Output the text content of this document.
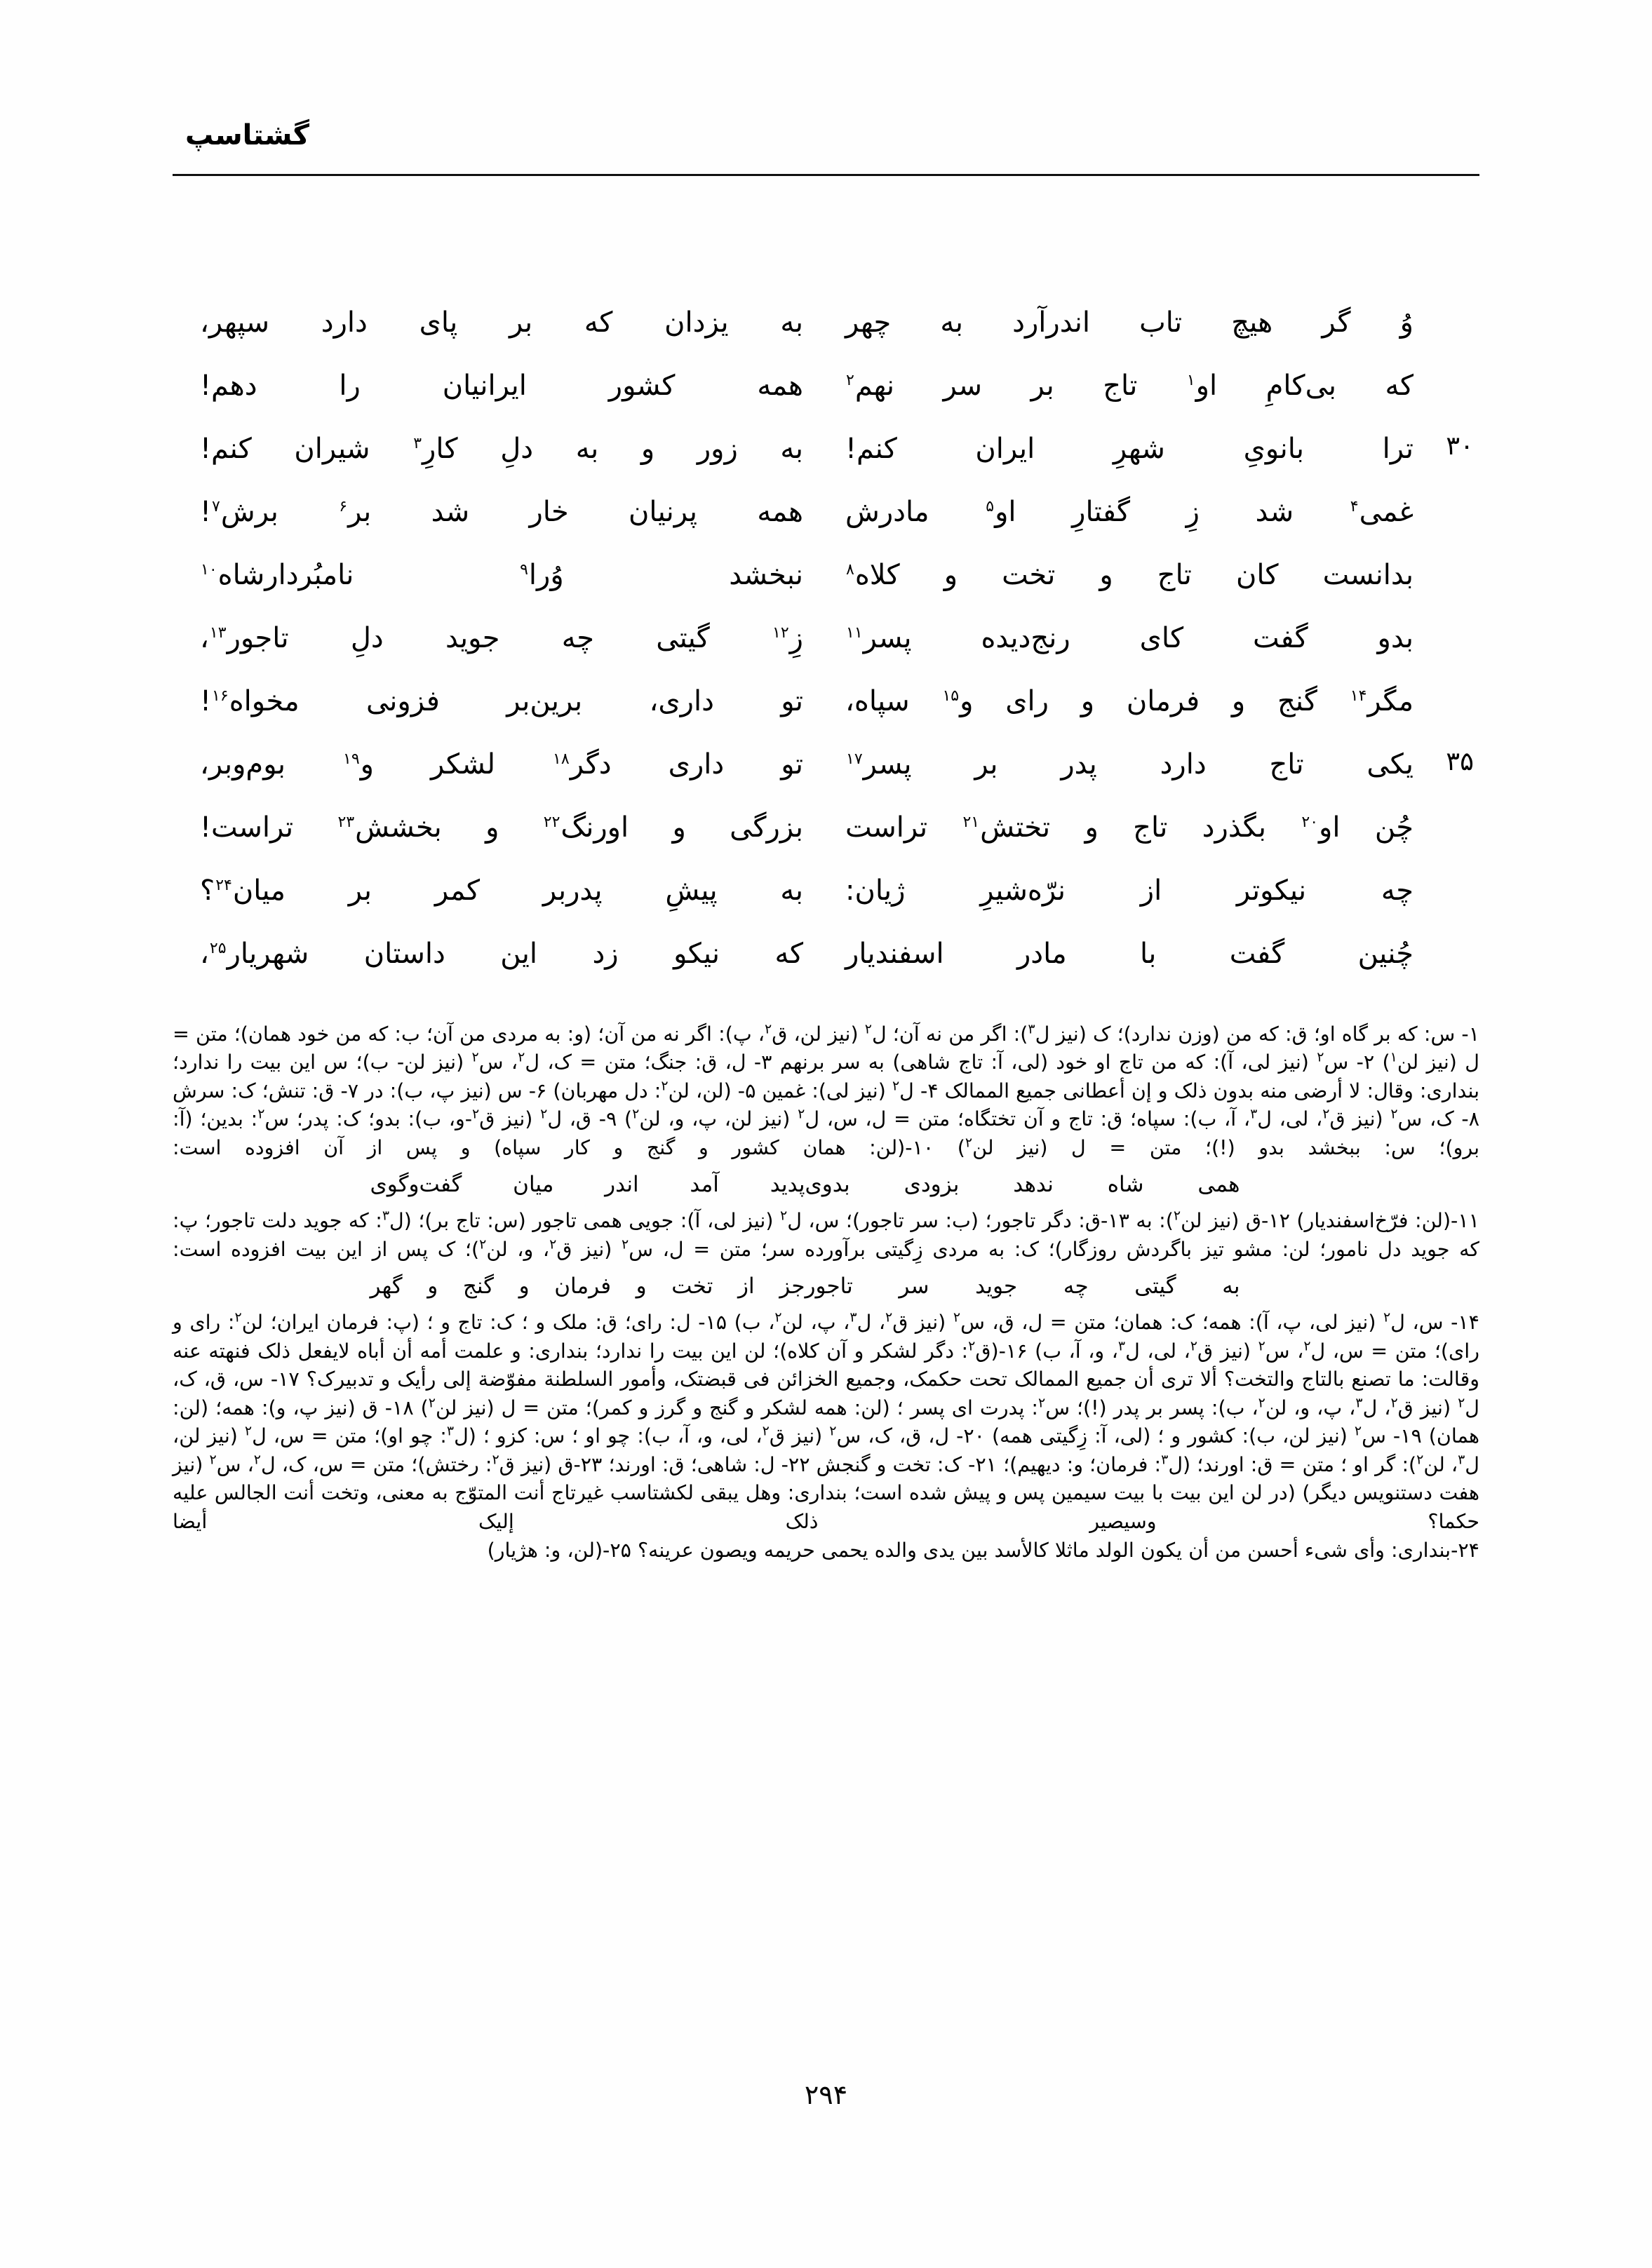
گشتاسپ
وُ گر هیچ تاب اندرآرد به چهر
به یزدان که بر پای دارد سپهر،
که بی‌کامِ او$^۱$ تاج بر سر نهم$^۲$
همه کشور ایرانیان را دهم!
۳۰
ترا بانویِ شهرِ ایران کنم!
به زور و به دلِ کارِ$^۳$ شیران کنم!
غمی$^۴$ شد زِ گفتارِ او$^۵$ مادرش
همه پرنیان خار شد بر$^۶$ برش$^۷$!
بدانست کان تاج و تخت و کلاه$^۸$
نبخشد وُرا$^۹$ نامبُردارشاه$^{۱۰}$
بدو گفت کای رنج‌دیده پسر$^{۱۱}$
زِ$^{۱۲}$ گیتی چه جوید دلِ تاجور$^{۱۳}$،
مگر$^{۱۴}$ گنج و فرمان و رای و$^{۱۵}$ سپاه،
تو داری، برین‌بر فزونی مخواه$^{۱۶}$!
۳۵
یکی تاج دارد پدر بر پسر$^{۱۷}$
تو داری دگر$^{۱۸}$ لشکر و$^{۱۹}$ بوم‌وبر،
چُن او$^{۲۰}$ بگذرد تاج و تختش$^{۲۱}$ تراست
بزرگی و اورنگ$^{۲۲}$ و بخشش$^{۲۳}$ تراست!
چه نیکوتر از نرّه‌شیرِ ژیان:
به پیشِ پدربر کمر بر میان$^{۲۴}$؟
چُنین گفت با مادر اسفندیار
که نیکو زد این داستان شهریار$^{۲۵}$،

۱- س: که بر گاه او؛ ق: که من (وزن ندارد)؛ ک (نیز ل$^۳$): اگر من نه آن؛ ل$^۲$ (نیز لن، ق$^۲$، پ): اگر نه من آن؛ (و: به مردی من آن؛ ب: که من خود همان)؛ متن = ل (نیز لن$^۱$) ۲- س$^۲$ (نیز لی، آ): که من تاج او خود (لی، آ: تاج شاهی) به سر برنهم ۳- ل، ق: جنگ؛ متن = ک، ل$^۲$، س$^۲$ (نیز لن- ب)؛ س این بیت را ندارد؛ بنداری: وقال: لا أرضی منه بدون ذلک و إن أعطانی جمیع الممالک ۴- ل$^۲$ (نیز لی): غمین ۵- (لن، لن$^۲$: دل مهربان) ۶- س (نیز پ، ب): در ۷- ق: تنش؛ ک: سرش ۸- ک، س$^۲$ (نیز ق$^۲$، لی، ل$^۳$، آ، ب): سپاه؛ ق: تاج و آن تختگاه؛ متن = ل، س، ل$^۲$ (نیز لن، پ، و، لن$^۲$) ۹- ق، ل$^۲$ (نیز ق$^۲$-و، ب): بدو؛ ک: پدر؛ س$^۲$: بدین؛ (آ: برو)؛ س: ببخشد بدو (!)؛ متن = ل (نیز لن$^۲$) ۱۰-(لن: همان کشور و گنج و کار سپاه) و پس از آن افزوده است:

همی شاه ندهد بزودی بدوی
پدید آمد اندر میان گفت‌وگوی

۱۱-(لن: فرّخ‌اسفندیار) ۱۲-ق (نیز لن$^۲$): به ۱۳-ق: دگر تاجور؛ (ب: سر تاجور)؛ س، ل$^۲$ (نیز لی، آ): جویی همی تاجور (س: تاج بر)؛ (ل$^۳$: که جوید دلت تاجور؛ پ: که جوید دل نامور؛ لن: مشو تیز باگردش روزگار)؛ ک: به مردی زِگیتی برآورده سر؛ متن = ل، س$^۲$ (نیز ق$^۲$، و، لن$^۲$)؛ ک پس از این بیت افزوده است:

به گیتی چه جوید سر تاجور
جز از تخت و فرمان و گنج و گهر

۱۴- س، ل$^۲$ (نیز لی، پ، آ): همه؛ ک: همان؛ متن = ل، ق، س$^۲$ (نیز ق$^۲$، ل$^۳$، پ، لن$^۲$، ب) ۱۵- ل: رای؛ ق: ملک و ؛ ک: تاج و ؛ (پ: فرمان ایران؛ لن$^۲$: رای و رای)؛ متن = س، ل$^۲$، س$^۲$ (نیز ق$^۲$، لی، ل$^۳$، و، آ، ب) ۱۶-(ق$^۲$: دگر لشکر و آن کلاه)؛ لن این بیت را ندارد؛ بنداری: و علمت أمه أن أباه لایفعل ذلک فنهته عنه وقالت: ما تصنع بالتاج والتخت؟ ألا تری أن جمیع الممالک تحت حکمک، وجمیع الخزائن فی قبضتک، وأمور السلطنة مفوّضة إلی رأیک و تدبیرک؟ ۱۷- س، ق، ک، ل$^۲$ (نیز ق$^۲$، ل$^۳$، پ، و، لن$^۲$، ب): پسر بر پدر (!)؛ س$^۲$: پدرت ای پسر ؛ (لن: همه لشکر و گنج و گرز و کمر)؛ متن = ل (نیز لن$^۲$) ۱۸- ق (نیز پ، و): همه؛ (لن: همان) ۱۹- س$^۲$ (نیز لن، ب): کشور و ؛ (لی، آ: زِگیتی همه) ۲۰- ل، ق، ک، س$^۲$ (نیز ق$^۲$، لی، و، آ، ب): چو او ؛ س: کزو ؛ (ل$^۳$: چو او)؛ متن = س، ل$^۲$ (نیز لن، ل$^۳$، لن$^۲$): گر او ؛ متن = ق: اورند؛ (ل$^۳$: فرمان؛ و: دیهیم)؛ ۲۱- ک: تخت و گنجش ۲۲- ل: شاهی؛ ق: اورند؛ ۲۳-ق (نیز ق$^۲$: رختش)؛ متن = س، ک، ل$^۲$، س$^۲$ (نیز هفت دستنویس دیگر) (در لن این بیت با بیت سیمین پس و پیش شده است؛ بنداری: وهل یبقی لکشتاسب غیرتاج أنت المتوّج به معنی، وتخت أنت الجالس علیه حکما؟ وسیصیر ذلک إلیک أیضا

۲۴-بنداری: وأی شیء أحسن من أن یکون الولد ماثلا کالأسد بین یدی والده یحمی حریمه ویصون عرینه؟ ۲۵-(لن، و: هژیار)

۲۹۴
